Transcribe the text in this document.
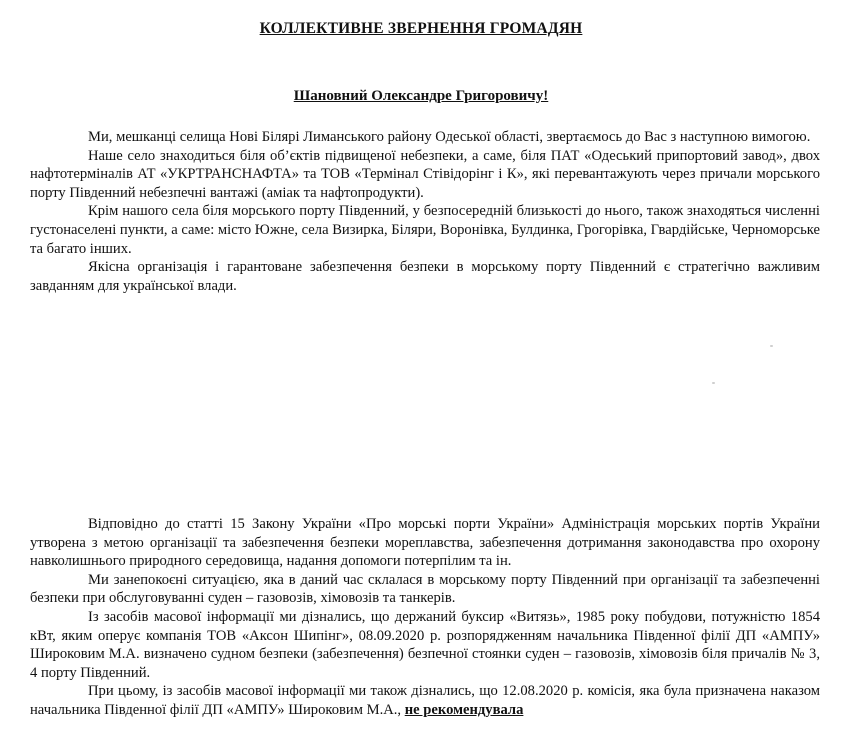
КОЛЛЕКТИВНЕ ЗВЕРНЕННЯ ГРОМАДЯН
Шановний Олександре Григоровичу!

Ми, мешканці селища Нові Білярі Лиманського району Одеської області, звертаємось до Вас з наступною вимогою.

Наше село знаходиться біля об’єктів підвищеної небезпеки, а саме, біля ПАТ «Одеський припортовий завод», двох нафтотерміналів АТ «УКРТРАНСНАФТА» та ТОВ «Термінал Стівідорінг і К», які перевантажують через причали морського порту Південний небезпечні вантажі (аміак та нафтопродукти).

Крім нашого села біля морського порту Південний, у безпосередній близькості до нього, також знаходяться численні густонаселені пункти, а саме: місто Южне, села Визирка, Біляри, Воронівка, Булдинка, Грогорівка, Гвардійське, Черноморське та багато інших.

Якісна організація і гарантоване забезпечення безпеки в морському порту Південний є стратегічно важливим завданням для української влади.

Відповідно до статті 15 Закону України «Про морські порти України» Адміністрація морських портів України утворена з метою організації та забезпечення безпеки мореплавства, забезпечення дотримання законодавства про охорону навколишнього природного середовища, надання допомоги потерпілим та ін.

Ми занепокоєні ситуацією, яка в даний час склалася в морському порту Південний при організації та забезпеченні безпеки при обслуговуванні суден – газовозів, хімовозів та танкерів.

Із засобів масової інформації ми дізнались, що держаний буксир «Витязь», 1985 року побудови, потужністю 1854 кВт, яким оперує компанія ТОВ «Аксон Шипінг», 08.09.2020 р. розпорядженням начальника Південної філії ДП «АМПУ» Широковим М.А. визначено судном безпеки (забезпечення) безпечної стоянки суден – газовозів, хімовозів біля причалів № 3, 4 порту Південний.

При цьому, із засобів масової інформації ми також дізнались, що 12.08.2020 р. комісія, яка була призначена наказом начальника Південної філії ДП «АМПУ» Широковим М.А., не рекомендувала
